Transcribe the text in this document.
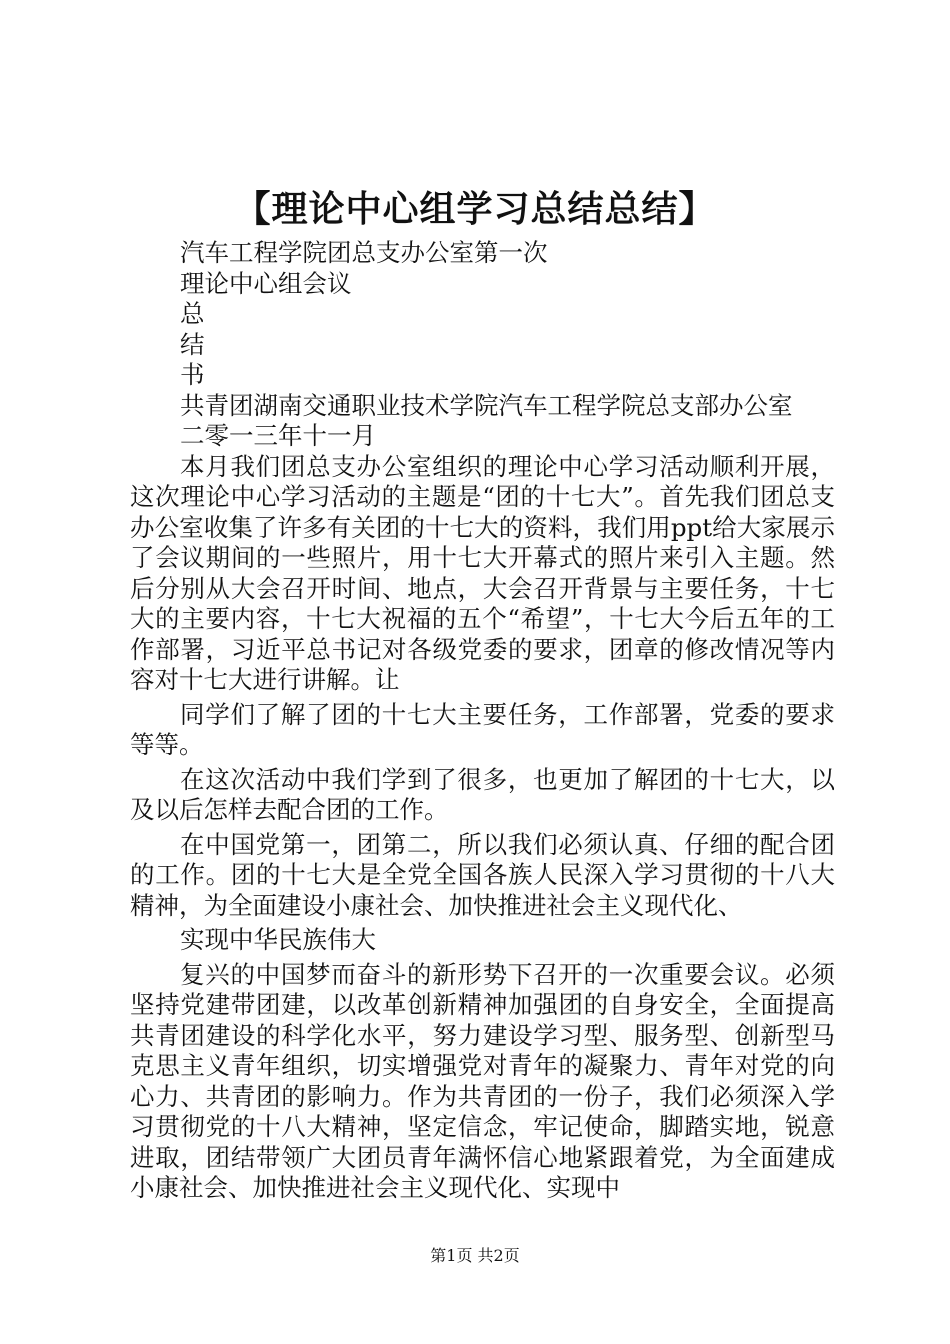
【理论中心组学习总结总结】
汽车工程学院团总支办公室第一次
理论中心组会议
总
结
书
共青团湖南交通职业技术学院汽车工程学院总支部办公室
二零一三年十一月

本月我们团总支办公室组织的理论中心学习活动顺利开展，这次理论中心学习活动的主题是“团的十七大”。首先我们团总支办公室收集了许多有关团的十七大的资料，我们用ppt给大家展示了会议期间的一些照片，用十七大开幕式的照片来引入主题。然后分别从大会召开时间、地点，大会召开背景与主要任务，十七大的主要内容，十七大祝福的五个“希望”，十七大今后五年的工作部署，习近平总书记对各级党委的要求，团章的修改情况等内容对十七大进行讲解。让

同学们了解了团的十七大主要任务，工作部署，党委的要求等等。

在这次活动中我们学到了很多，也更加了解团的十七大，以及以后怎样去配合团的工作。

在中国党第一，团第二，所以我们必须认真、仔细的配合团的工作。团的十七大是全党全国各族人民深入学习贯彻的十八大精神，为全面建设小康社会、加快推进社会主义现代化、

实现中华民族伟大

复兴的中国梦而奋斗的新形势下召开的一次重要会议。必须坚持党建带团建，以改革创新精神加强团的自身安全，全面提高共青团建设的科学化水平，努力建设学习型、服务型、创新型马克思主义青年组织，切实增强党对青年的凝聚力、青年对党的向心力、共青团的影响力。作为共青团的一份子，我们必须深入学习贯彻党的十八大精神，坚定信念，牢记使命，脚踏实地，锐意进取，团结带领广大团员青年满怀信心地紧跟着党，为全面建成小康社会、加快推进社会主义现代化、实现中

第1页 共2页
